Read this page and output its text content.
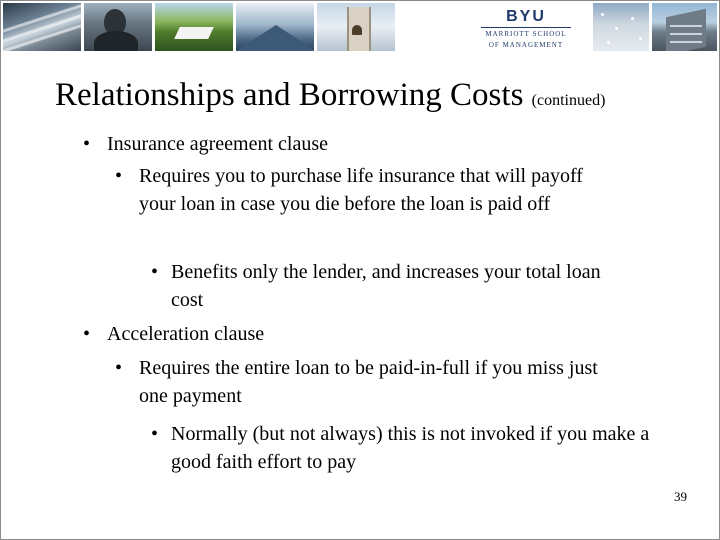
BYU
MARRIOTT SCHOOL
OF MANAGEMENT
Relationships and Borrowing Costs (continued)
• Insurance agreement clause
• Requires you to purchase life insurance that will payoff your loan in case you die before the loan is paid off
• Benefits only the lender, and increases your total loan cost
• Acceleration clause
• Requires the entire loan to be paid-in-full if you miss just one payment
• Normally (but not always) this is not invoked if you make a good faith effort to pay
39
